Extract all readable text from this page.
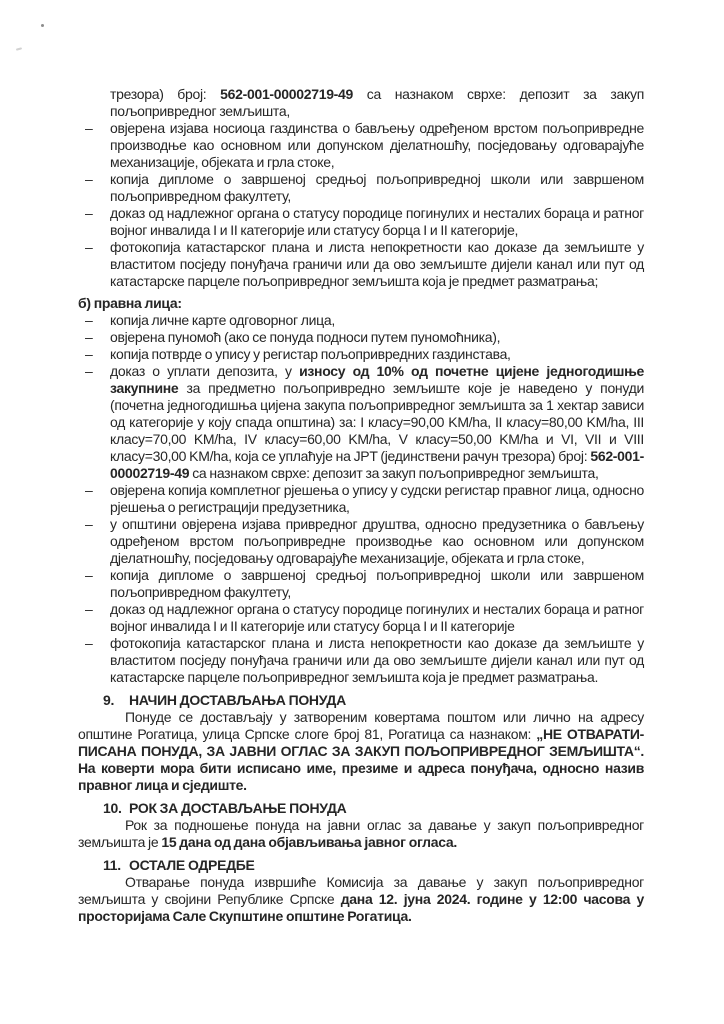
трезора) број: 562-001-00002719-49 са назнаком сврхе: депозит за закуп пољопривредног земљишта,
– овјерена изјава носиоца газдинства о бављењу одређеном врстом пољопривредне производње као основном или допунском дјелатношћу, посједовању одговарајуће механизације, објеката и грла стоке,
– копија дипломе о завршеној средњој пољопривредној школи или завршеном пољопривредном факултету,
– доказ од надлежног органа о статусу породице погинулих и несталих бораца и ратног војног инвалида I и II категорије или статусу борца I и II категорије,
– фотокопија катастарског плана и листа непокретности као доказе да земљиште у властитом посједу понуђача граничи или да ово земљиште дијели канал или пут од катастарске парцеле пољопривредног земљишта која је предмет разматрања;
б) правна лица:
– копија личне карте одговорног лица,
– овјерена пуномоћ (ако се понуда подноси путем пуномоћника),
– копија потврде о упису у регистар пољопривредних газдинстава,
– доказ о уплати депозита, у износу од 10% од почетне цијене једногодишње закупнине за предметно пољопривредно земљиште које је наведено у понуди (почетна једногодишња цијена закупа пољопривредног земљишта за 1 хектар зависи од категорије у коју спада општина) за: I класу=90,00 KM/ha, II класу=80,00 KM/ha, III класу=70,00 KM/ha, IV класу=60,00 KM/ha, V класу=50,00 KM/ha и VI, VII и VIII класу=30,00 KM/ha, која се уплаћује на JPT (јединствени рачун трезора) број: 562-001-00002719-49 са назнаком сврхе: депозит за закуп пољопривредног земљишта,
– овјерена копија комплетног рјешења о упису у судски регистар правног лица, односно рјешења о регистрацији предузетника,
– у општини овјерена изјава привредног друштва, односно предузетника о бављењу одређеном врстом пољопривредне производње као основном или допунском дјелатношћу, посједовању одговарајуће механизације, објеката и грла стоке,
– копија дипломе о завршеној средњој пољопривредној школи или завршеном пољопривредном факултету,
– доказ од надлежног органа о статусу породице погинулих и несталих бораца и ратног војног инвалида I и II категорије или статусу борца I и II категорије
– фотокопија катастарског плана и листа непокретности као доказе да земљиште у властитом посједу понуђача граничи или да ово земљиште дијели канал или пут од катастарске парцеле пољопривредног земљишта која је предмет разматрања.
9. НАЧИН ДОСТАВЉАЊА ПОНУДА
Понуде се достављају у затвореним ковертама поштом или лично на адресу општине Рогатица, улица Српске слоге број 81, Рогатица са назнаком: „НЕ ОТВАРАТИ-ПИСАНА ПОНУДА, ЗА ЈАВНИ ОГЛАС ЗА ЗАКУП ПОЉОПРИВРЕДНОГ ЗЕМЉИШТА“. На коверти мора бити исписано име, презиме и адреса понуђача, односно назив правног лица и сједиште.
10. РОК ЗА ДОСТАВЉАЊЕ ПОНУДА
Рок за подношење понуда на јавни оглас за давање у закуп пољопривредног земљишта је 15 дана од дана објављивања јавног огласа.
11. ОСТАЛЕ ОДРЕДБЕ
Отварање понуда извршиће Комисија за давање у закуп пољопривредног земљишта у својини Републике Српске дана 12. јуна 2024. године у 12:00 часова у просторијама Сале Скупштине општине Рогатица.
